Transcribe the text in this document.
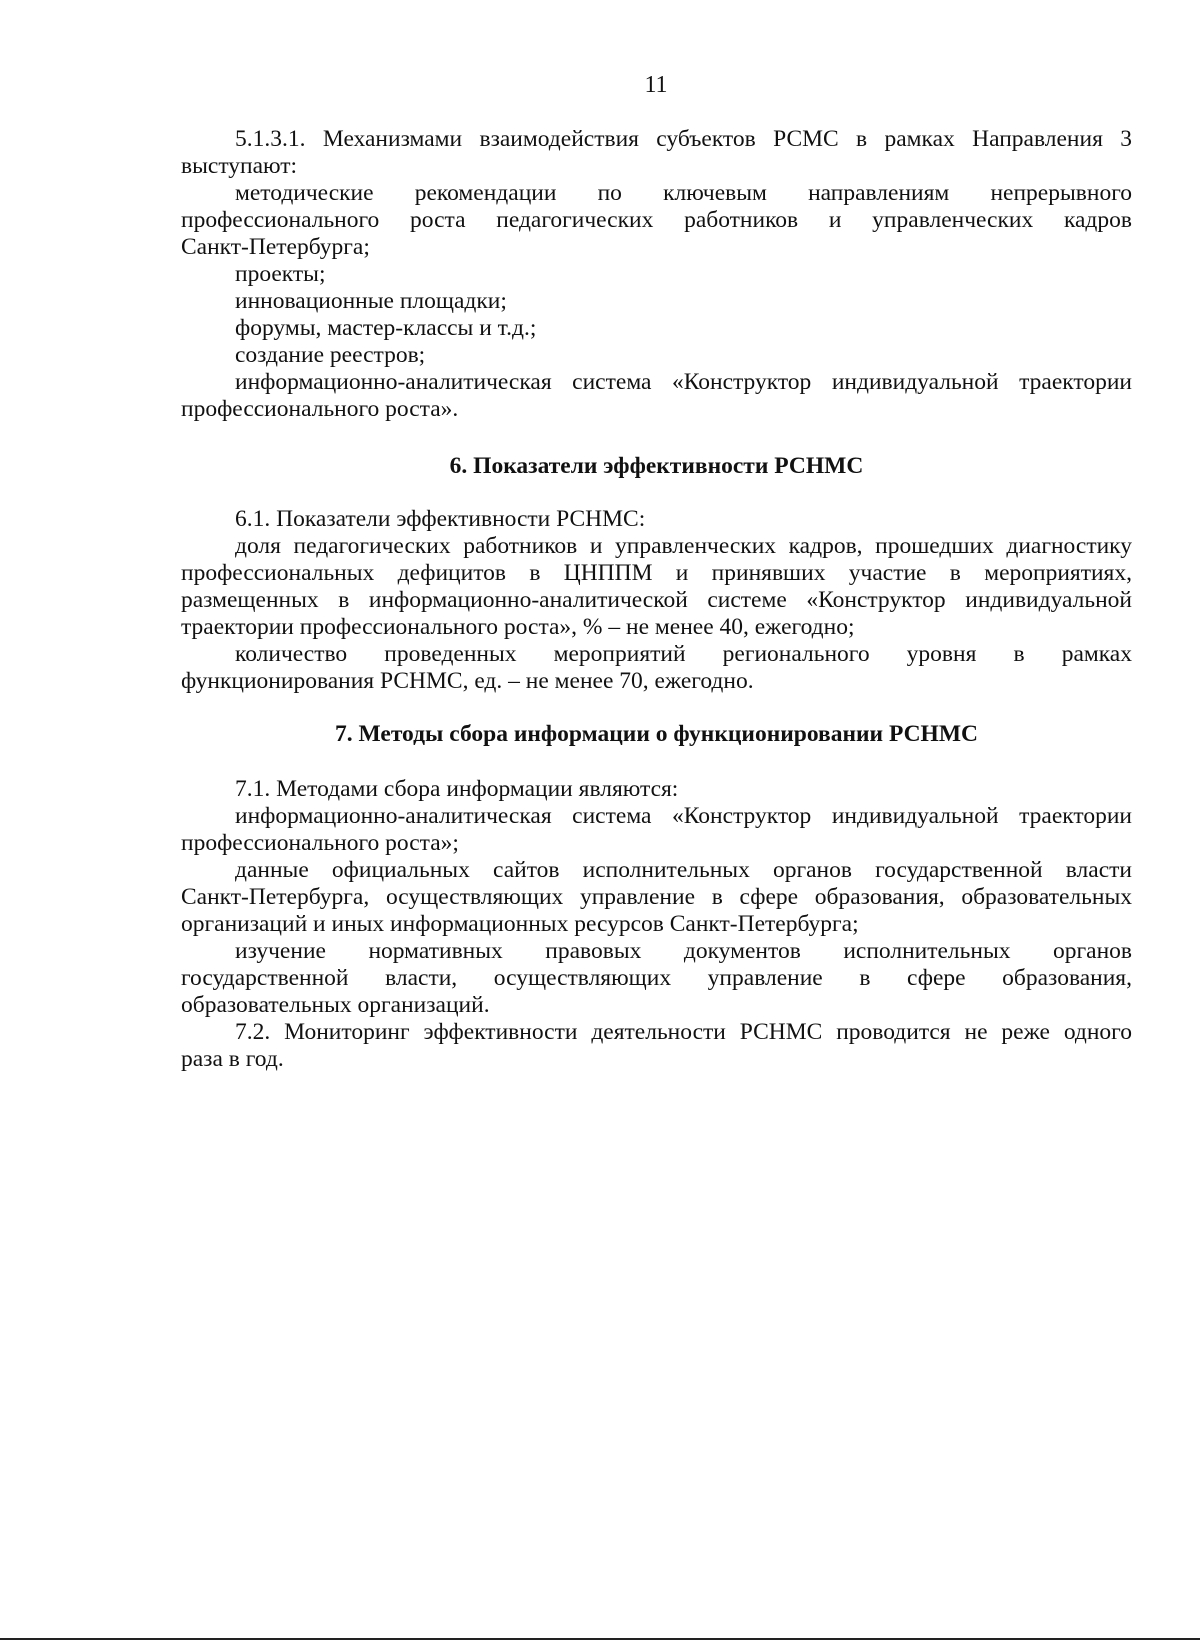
11
5.1.3.1. Механизмами взаимодействия субъектов РСМС в рамках Направления 3
выступают:
методические рекомендации по ключевым направлениям непрерывного
профессионального роста педагогических работников и управленческих кадров
Санкт-Петербурга;
проекты;
инновационные площадки;
форумы, мастер-классы и т.д.;
создание реестров;
информационно-аналитическая система «Конструктор индивидуальной траектории
профессионального роста».
6. Показатели эффективности РСНМС
6.1. Показатели эффективности РСНМС:
доля педагогических работников и управленческих кадров, прошедших диагностику
профессиональных дефицитов в ЦНППМ и принявших участие в мероприятиях,
размещенных в информационно-аналитической системе «Конструктор индивидуальной
траектории профессионального роста», % – не менее 40, ежегодно;
количество проведенных мероприятий регионального уровня в рамках
функционирования РСНМС, ед. – не менее 70, ежегодно.
7. Методы сбора информации о функционировании РСНМС
7.1. Методами сбора информации являются:
информационно-аналитическая система «Конструктор индивидуальной траектории
профессионального роста»;
данные официальных сайтов исполнительных органов государственной власти
Санкт-Петербурга, осуществляющих управление в сфере образования, образовательных
организаций и иных информационных ресурсов Санкт-Петербурга;
изучение нормативных правовых документов исполнительных органов
государственной власти, осуществляющих управление в сфере образования,
образовательных организаций.
7.2. Мониторинг эффективности деятельности РСНМС проводится не реже одного
раза в год.
